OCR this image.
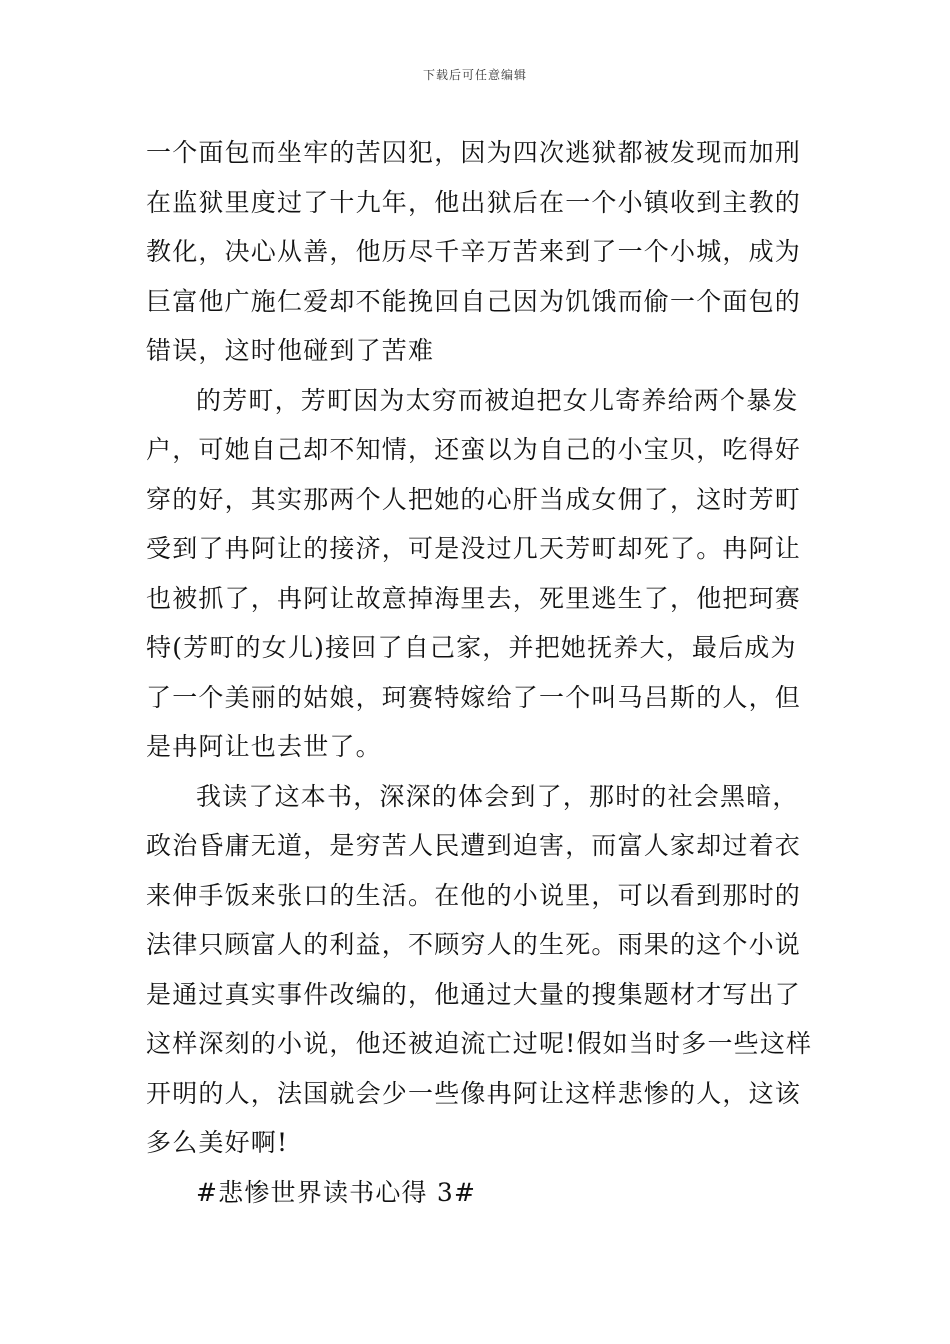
下载后可任意编辑

一个面包而坐牢的苦囚犯，因为四次逃狱都被发现而加刑
在监狱里度过了十九年，他出狱后在一个小镇收到主教的
教化，决心从善，他历尽千辛万苦来到了一个小城，成为
巨富他广施仁爱却不能挽回自己因为饥饿而偷一个面包的
错误，这时他碰到了苦难

的芳町，芳町因为太穷而被迫把女儿寄养给两个暴发
户，可她自己却不知情，还蛮以为自己的小宝贝，吃得好
穿的好，其实那两个人把她的心肝当成女佣了，这时芳町
受到了冉阿让的接济，可是没过几天芳町却死了。冉阿让
也被抓了，冉阿让故意掉海里去，死里逃生了，他把珂赛
特(芳町的女儿)接回了自己家，并把她抚养大，最后成为
了一个美丽的姑娘，珂赛特嫁给了一个叫马吕斯的人，但
是冉阿让也去世了。

我读了这本书，深深的体会到了，那时的社会黑暗，
政治昏庸无道，是穷苦人民遭到迫害，而富人家却过着衣
来伸手饭来张口的生活。在他的小说里，可以看到那时的
法律只顾富人的利益，不顾穷人的生死。雨果的这个小说
是通过真实事件改编的，他通过大量的搜集题材才写出了
这样深刻的小说，他还被迫流亡过呢!假如当时多一些这样
开明的人，法国就会少一些像冉阿让这样悲惨的人，这该
多么美好啊!

#悲惨世界读书心得 3#
